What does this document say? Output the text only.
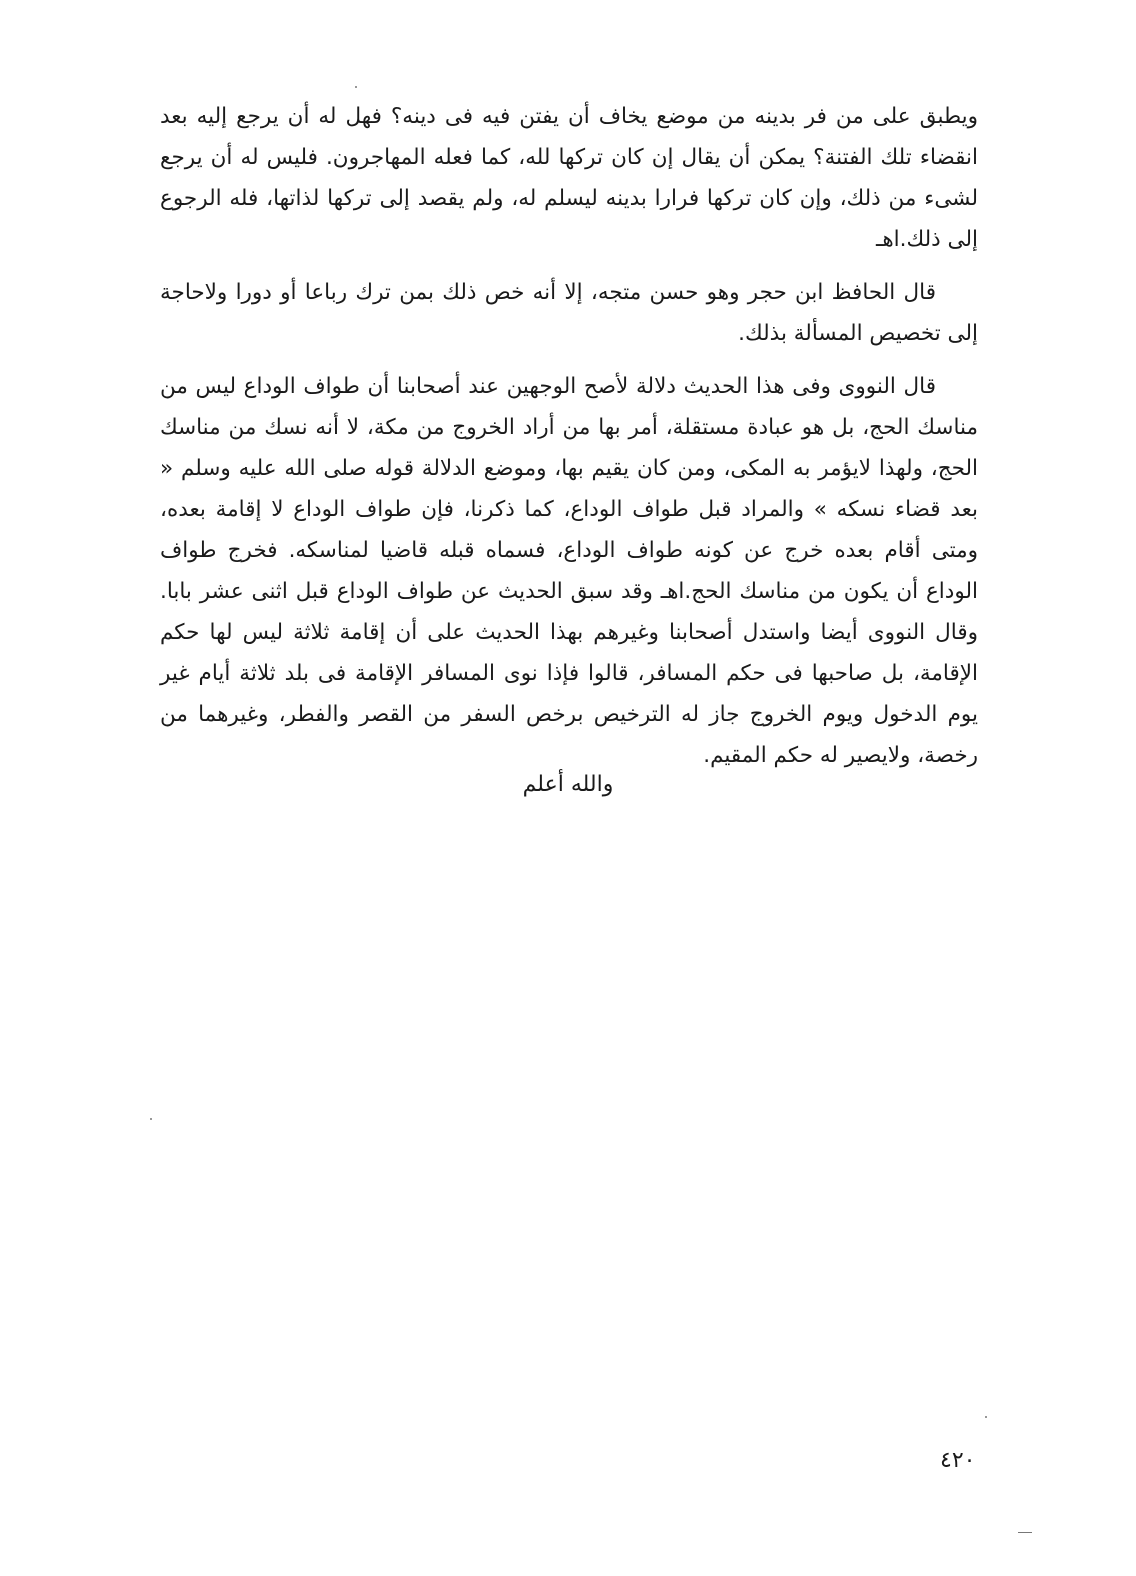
ويطبق على من فر بدينه من موضع يخاف أن يفتن فيه فى دينه؟ فهل له أن يرجع إليه بعد انقضاء تلك الفتنة؟ يمكن أن يقال إن كان تركها لله، كما فعله المهاجرون. فليس له أن يرجع لشىء من ذلك، وإن كان تركها فرارا بدينه ليسلم له، ولم يقصد إلى تركها لذاتها، فله الرجوع إلى ذلك.اهـ

قال الحافظ ابن حجر وهو حسن متجه، إلا أنه خص ذلك بمن ترك رباعا أو دورا ولاحاجة إلى تخصيص المسألة بذلك.

قال النووى وفى هذا الحديث دلالة لأصح الوجهين عند أصحابنا أن طواف الوداع ليس من مناسك الحج، بل هو عبادة مستقلة، أمر بها من أراد الخروج من مكة، لا أنه نسك من مناسك الحج، ولهذا لايؤمر به المكى، ومن كان يقيم بها، وموضع الدلالة قوله صلى الله عليه وسلم « بعد قضاء نسكه » والمراد قبل طواف الوداع، كما ذكرنا، فإن طواف الوداع لا إقامة بعده، ومتى أقام بعده خرج عن كونه طواف الوداع، فسماه قبله قاضيا لمناسكه. فخرج طواف الوداع أن يكون من مناسك الحج.اهـ وقد سبق الحديث عن طواف الوداع قبل اثنى عشر بابا. وقال النووى أيضا واستدل أصحابنا وغيرهم بهذا الحديث على أن إقامة ثلاثة ليس لها حكم الإقامة، بل صاحبها فى حكم المسافر، قالوا فإذا نوى المسافر الإقامة فى بلد ثلاثة أيام غير يوم الدخول ويوم الخروج جاز له الترخيص برخص السفر من القصر والفطر، وغيرهما من رخصة، ولايصير له حكم المقيم.

والله أعلم
٤٢٠
